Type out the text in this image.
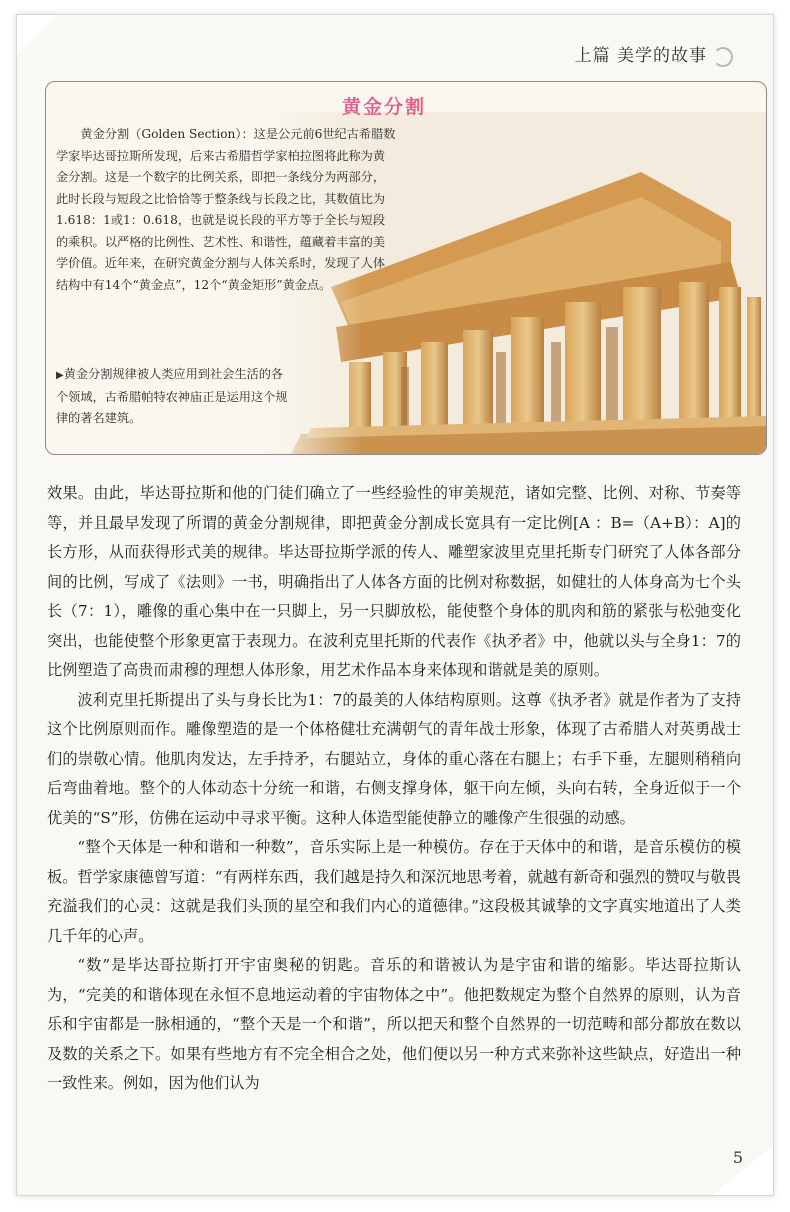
上篇 美学的故事
黄金分割

黄金分割（Golden Section）：这是公元前6世纪古希腊数学家毕达哥拉斯所发现，后来古希腊哲学家柏拉图将此称为黄金分割。这是一个数字的比例关系，即把一条线分为两部分，此时长段与短段之比恰恰等于整条线与长段之比，其数值比为1.618：1或1：0.618，也就是说长段的平方等于全长与短段的乘积。以严格的比例性、艺术性、和谐性，蕴藏着丰富的美学价值。近年来，在研究黄金分割与人体关系时，发现了人体结构中有14个“黄金点”，12个“黄金矩形”黄金点。

▶黄金分割规律被人类应用到社会生活的各个领域，古希腊帕特农神庙正是运用这个规律的著名建筑。

效果。由此，毕达哥拉斯和他的门徒们确立了一些经验性的审美规范，诸如完整、比例、对称、节奏等等，并且最早发现了所谓的黄金分割规律，即把黄金分割成长宽具有一定比例[A ：B=（A+B）：A]的长方形，从而获得形式美的规律。毕达哥拉斯学派的传人、雕塑家波里克里托斯专门研究了人体各部分间的比例，写成了《法则》一书，明确指出了人体各方面的比例对称数据，如健壮的人体身高为七个头长（7：1），雕像的重心集中在一只脚上，另一只脚放松，能使整个身体的肌肉和筋的紧张与松弛变化突出，也能使整个形象更富于表现力。在波利克里托斯的代表作《执矛者》中，他就以头与全身1：7的比例塑造了高贵而肃穆的理想人体形象，用艺术作品本身来体现和谐就是美的原则。

波利克里托斯提出了头与身长比为1：7的最美的人体结构原则。这尊《执矛者》就是作者为了支持这个比例原则而作。雕像塑造的是一个体格健壮充满朝气的青年战士形象，体现了古希腊人对英勇战士们的崇敬心情。他肌肉发达，左手持矛，右腿站立，身体的重心落在右腿上；右手下垂，左腿则稍稍向后弯曲着地。整个的人体动态十分统一和谐，右侧支撑身体，躯干向左倾，头向右转，全身近似于一个优美的“S”形，仿佛在运动中寻求平衡。这种人体造型能使静立的雕像产生很强的动感。

“整个天体是一种和谐和一种数”，音乐实际上是一种模仿。存在于天体中的和谐，是音乐模仿的模板。哲学家康德曾写道：“有两样东西，我们越是持久和深沉地思考着，就越有新奇和强烈的赞叹与敬畏充溢我们的心灵：这就是我们头顶的星空和我们内心的道德律。”这段极其诚挚的文字真实地道出了人类几千年的心声。

“数”是毕达哥拉斯打开宇宙奥秘的钥匙。音乐的和谐被认为是宇宙和谐的缩影。毕达哥拉斯认为，“完美的和谐体现在永恒不息地运动着的宇宙物体之中”。他把数规定为整个自然界的原则，认为音乐和宇宙都是一脉相通的，“整个天是一个和谐”，所以把天和整个自然界的一切范畴和部分都放在数以及数的关系之下。如果有些地方有不完全相合之处，他们便以另一种方式来弥补这些缺点，好造出一种一致性来。例如，因为他们认为

5
